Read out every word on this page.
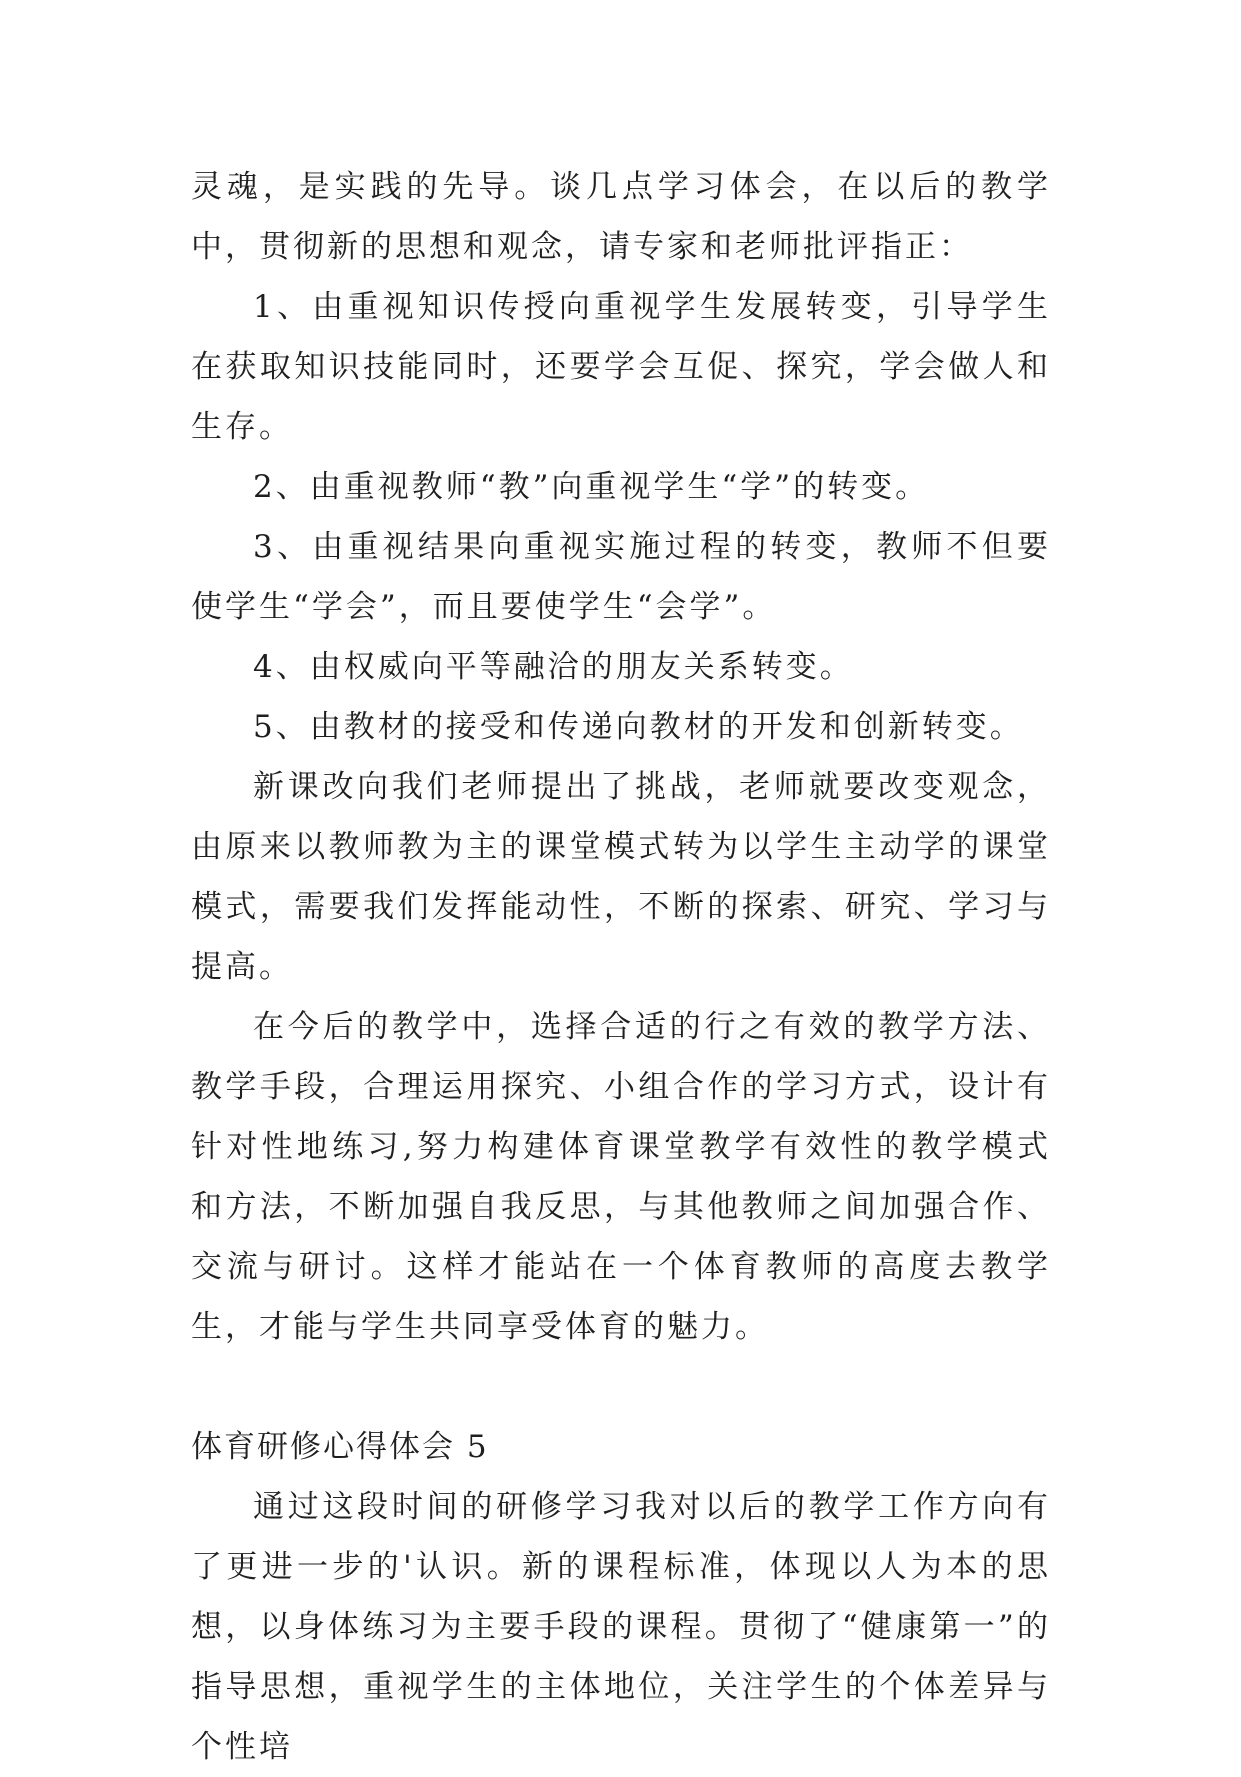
灵魂，是实践的先导。谈几点学习体会，在以后的教学中，贯彻新的思想和观念，请专家和老师批评指正：

1、由重视知识传授向重视学生发展转变，引导学生在获取知识技能同时，还要学会互促、探究，学会做人和生存。

2、由重视教师“教”向重视学生“学”的转变。

3、由重视结果向重视实施过程的转变，教师不但要使学生“学会”，而且要使学生“会学”。

4、由权威向平等融洽的朋友关系转变。

5、由教材的接受和传递向教材的开发和创新转变。

新课改向我们老师提出了挑战，老师就要改变观念，由原来以教师教为主的课堂模式转为以学生主动学的课堂模式，需要我们发挥能动性，不断的探索、研究、学习与提高。

在今后的教学中，选择合适的行之有效的教学方法、教学手段，合理运用探究、小组合作的学习方式，设计有针对性地练习,努力构建体育课堂教学有效性的教学模式和方法，不断加强自我反思，与其他教师之间加强合作、交流与研讨。这样才能站在一个体育教师的高度去教学生，才能与学生共同享受体育的魅力。

体育研修心得体会 5

通过这段时间的研修学习我对以后的教学工作方向有了更进一步的'认识。新的课程标准，体现以人为本的思想，以身体练习为主要手段的课程。贯彻了“健康第一”的指导思想，重视学生的主体地位，关注学生的个体差异与个性培
